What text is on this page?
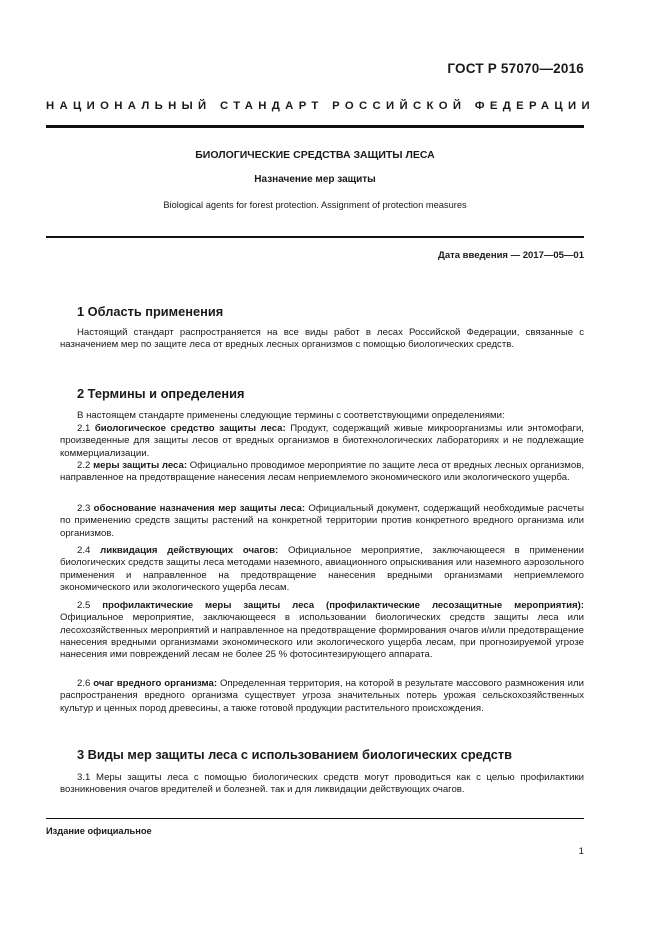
ГОСТ Р 57070—2016
НАЦИОНАЛЬНЫЙ СТАНДАРТ РОССИЙСКОЙ ФЕДЕРАЦИИ
БИОЛОГИЧЕСКИЕ СРЕДСТВА ЗАЩИТЫ ЛЕСА
Назначение мер защиты
Biological agents for forest protection. Assignment of protection measures
Дата введения — 2017—05—01
1 Область применения
Настоящий стандарт распространяется на все виды работ в лесах Российской Федерации, связанные с назначением мер по защите леса от вредных лесных организмов с помощью биологических средств.
2 Термины и определения
В настоящем стандарте применены следующие термины с соответствующими определениями:
2.1 биологическое средство защиты леса: Продукт, содержащий живые микроорганизмы или энтомофаги, произведенные для защиты лесов от вредных организмов в биотехнологических лабораториях и не подлежащие коммерциализации.
2.2 меры защиты леса: Официально проводимое мероприятие по защите леса от вредных лесных организмов, направленное на предотвращение нанесения лесам неприемлемого экономического или экологического ущерба.
2.3 обоснование назначения мер защиты леса: Официальный документ, содержащий необходимые расчеты по применению средств защиты растений на конкретной территории против конкретного вредного организма или организмов.
2.4 ликвидация действующих очагов: Официальное мероприятие, заключающееся в применении биологических средств защиты леса методами наземного, авиационного опрыскивания или наземного аэрозольного применения и направленное на предотвращение нанесения вредными организмами неприемлемого экономического или экологического ущерба лесам.
2.5 профилактические меры защиты леса (профилактические лесозащитные мероприятия): Официальное мероприятие, заключающееся в использовании биологических средств защиты леса или лесохозяйственных мероприятий и направленное на предотвращение формирования очагов и/или предотвращение нанесения вредными организмами экономического или экологического ущерба лесам, при прогнозируемой угрозе нанесения ими повреждений лесам не более 25 % фотосинтезирующего аппарата.
2.6 очаг вредного организма: Определенная территория, на которой в результате массового размножения или распространения вредного организма существует угроза значительных потерь урожая сельскохозяйственных культур и ценных пород древесины, а также готовой продукции растительного происхождения.
3 Виды мер защиты леса с использованием биологических средств
3.1 Меры защиты леса с помощью биологических средств могут проводиться как с целью профилактики возникновения очагов вредителей и болезней. так и для ликвидации действующих очагов.
Издание официальное
1
